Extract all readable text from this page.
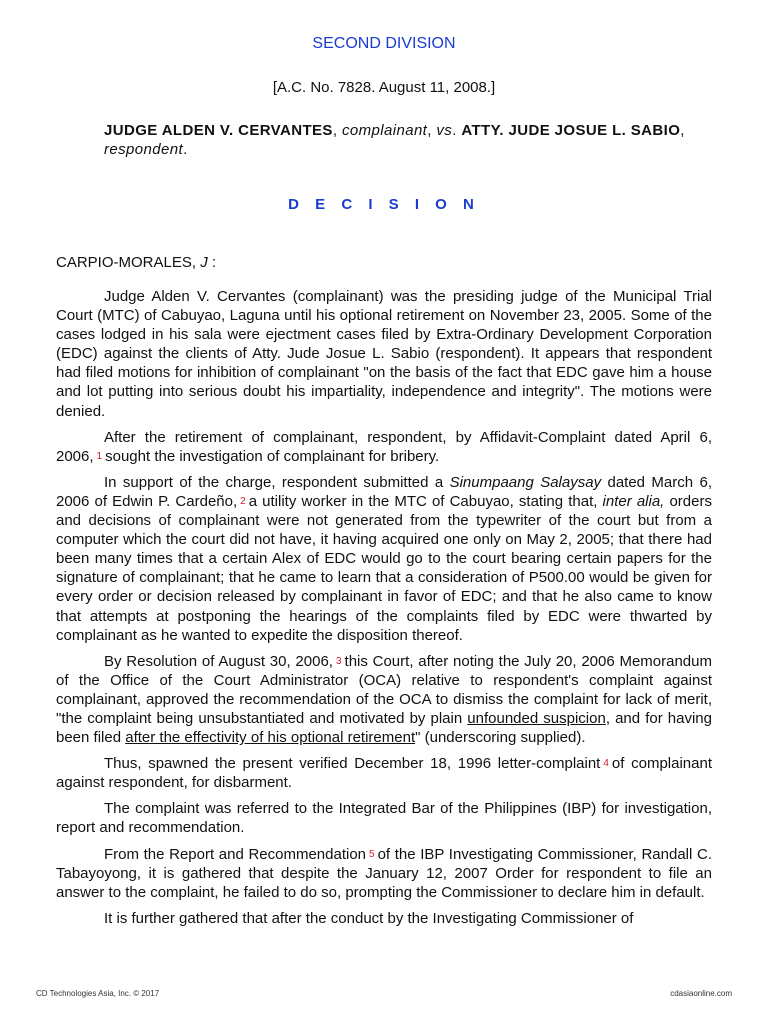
SECOND DIVISION
[A.C. No. 7828. August 11, 2008.]
JUDGE ALDEN V. CERVANTES, complainant, vs. ATTY. JUDE JOSUE L. SABIO, respondent.
D E C I S I O N
CARPIO-MORALES, J :

Judge Alden V. Cervantes (complainant) was the presiding judge of the Municipal Trial Court (MTC) of Cabuyao, Laguna until his optional retirement on November 23, 2005. Some of the cases lodged in his sala were ejectment cases filed by Extra-Ordinary Development Corporation (EDC) against the clients of Atty. Jude Josue L. Sabio (respondent). It appears that respondent had filed motions for inhibition of complainant "on the basis of the fact that EDC gave him a house and lot putting into serious doubt his impartiality, independence and integrity". The motions were denied.

After the retirement of complainant, respondent, by Affidavit-Complaint dated April 6, 2006, 1 sought the investigation of complainant for bribery.

In support of the charge, respondent submitted a Sinumpaang Salaysay dated March 6, 2006 of Edwin P. Cardeño, 2 a utility worker in the MTC of Cabuyao, stating that, inter alia, orders and decisions of complainant were not generated from the typewriter of the court but from a computer which the court did not have, it having acquired one only on May 2, 2005; that there had been many times that a certain Alex of EDC would go to the court bearing certain papers for the signature of complainant; that he came to learn that a consideration of P500.00 would be given for every order or decision released by complainant in favor of EDC; and that he also came to know that attempts at postponing the hearings of the complaints filed by EDC were thwarted by complainant as he wanted to expedite the disposition thereof.

By Resolution of August 30, 2006, 3 this Court, after noting the July 20, 2006 Memorandum of the Office of the Court Administrator (OCA) relative to respondent's complaint against complainant, approved the recommendation of the OCA to dismiss the complaint for lack of merit, "the complaint being unsubstantiated and motivated by plain unfounded suspicion, and for having been filed after the effectivity of his optional retirement" (underscoring supplied).

Thus, spawned the present verified December 18, 1996 letter-complaint 4 of complainant against respondent, for disbarment.

The complaint was referred to the Integrated Bar of the Philippines (IBP) for investigation, report and recommendation.

From the Report and Recommendation 5 of the IBP Investigating Commissioner, Randall C. Tabayoyong, it is gathered that despite the January 12, 2007 Order for respondent to file an answer to the complaint, he failed to do so, prompting the Commissioner to declare him in default.

It is further gathered that after the conduct by the Investigating Commissioner of

CD Technologies Asia, Inc. © 2017	cdasiaonline.com
